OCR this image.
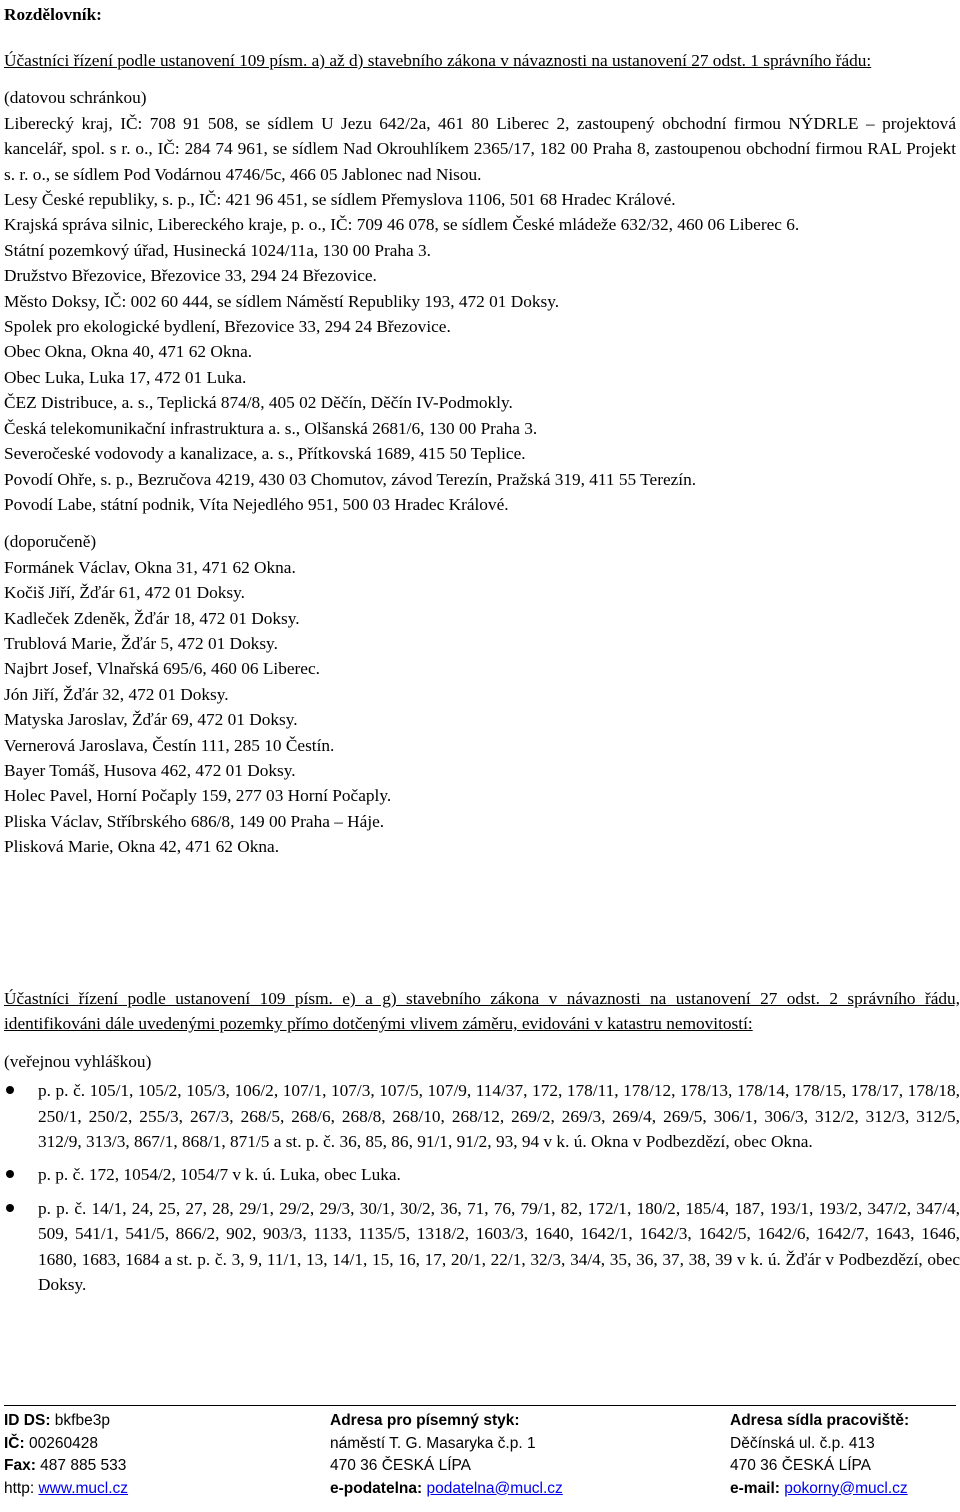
Rozdělovník:

Účastníci řízení podle ustanovení 109 písm. a) až d) stavebního zákona v návaznosti na ustanovení 27 odst. 1 správního řádu:

(datovou schránkou)

Liberecký kraj, IČ: 708 91 508, se sídlem U Jezu 642/2a, 461 80 Liberec 2, zastoupený obchodní firmou NÝDRLE – projektová kancelář, spol. s r. o., IČ: 284 74 961, se sídlem Nad Okrouhlíkem 2365/17, 182 00 Praha 8, zastoupenou obchodní firmou RAL Projekt s. r. o., se sídlem Pod Vodárnou 4746/5c, 466 05 Jablonec nad Nisou.

Lesy České republiky, s. p., IČ: 421 96 451, se sídlem Přemyslova 1106, 501 68 Hradec Králové.

Krajská správa silnic, Libereckého kraje, p. o., IČ: 709 46 078, se sídlem České mládeže 632/32, 460 06 Liberec 6.

Státní pozemkový úřad, Husinecká 1024/11a, 130 00 Praha 3.

Družstvo Březovice, Březovice 33, 294 24 Březovice.

Město Doksy, IČ: 002 60 444, se sídlem Náměstí Republiky 193, 472 01 Doksy.

Spolek pro ekologické bydlení, Březovice 33, 294 24 Březovice.

Obec Okna, Okna 40, 471 62 Okna.

Obec Luka, Luka 17, 472 01 Luka.

ČEZ Distribuce, a. s., Teplická 874/8, 405 02 Děčín, Děčín IV-Podmokly.

Česká telekomunikační infrastruktura a. s., Olšanská 2681/6, 130 00 Praha 3.

Severočeské vodovody a kanalizace, a. s., Přítkovská 1689, 415 50 Teplice.

Povodí Ohře, s. p., Bezručova 4219, 430 03 Chomutov, závod Terezín, Pražská 319, 411 55 Terezín.

Povodí Labe, státní podnik, Víta Nejedlého 951, 500 03 Hradec Králové.

(doporučeně)

Formánek Václav, Okna 31, 471 62 Okna.

Kočiš Jiří, Žďár 61, 472 01 Doksy.

Kadleček Zdeněk, Žďár 18, 472 01 Doksy.

Trublová Marie, Žďár 5, 472 01 Doksy.

Najbrt Josef, Vlnařská 695/6, 460 06 Liberec.

Jón Jiří, Žďár 32, 472 01 Doksy.

Matyska Jaroslav, Žďár 69, 472 01 Doksy.

Vernerová Jaroslava, Čestín 111, 285 10 Čestín.

Bayer Tomáš, Husova 462, 472 01 Doksy.

Holec Pavel, Horní Počaply 159, 277 03 Horní Počaply.

Pliska Václav, Stříbrského 686/8, 149 00 Praha – Háje.

Plisková Marie, Okna 42, 471 62 Okna.

Účastníci řízení podle ustanovení 109 písm. e) a g) stavebního zákona v návaznosti na ustanovení 27 odst. 2 správního řádu, identifikováni dále uvedenými pozemky přímo dotčenými vlivem záměru, evidováni v katastru nemovitostí:

(veřejnou vyhláškou)

p. p. č. 105/1, 105/2, 105/3, 106/2, 107/1, 107/3, 107/5, 107/9, 114/37, 172, 178/11, 178/12, 178/13, 178/14, 178/15, 178/17, 178/18, 250/1, 250/2, 255/3, 267/3, 268/5, 268/6, 268/8, 268/10, 268/12, 269/2, 269/3, 269/4, 269/5, 306/1, 306/3, 312/2, 312/3, 312/5, 312/9, 313/3, 867/1, 868/1, 871/5 a st. p. č. 36, 85, 86, 91/1, 91/2, 93, 94 v k. ú. Okna v Podbezdězí, obec Okna.
p. p. č. 172, 1054/2, 1054/7 v k. ú. Luka, obec Luka.
p. p. č. 14/1, 24, 25, 27, 28, 29/1, 29/2, 29/3, 30/1, 30/2, 36, 71, 76, 79/1, 82, 172/1, 180/2, 185/4, 187, 193/1, 193/2, 347/2, 347/4, 509, 541/1, 541/5, 866/2, 902, 903/3, 1133, 1135/5, 1318/2, 1603/3, 1640, 1642/1, 1642/3, 1642/5, 1642/6, 1642/7, 1643, 1646, 1680, 1683, 1684 a st. p. č. 3, 9, 11/1, 13, 14/1, 15, 16, 17, 20/1, 22/1, 32/3, 34/4, 35, 36, 37, 38, 39 v k. ú. Žďár v Podbezdězí, obec Doksy.
ID DS: bkfbe3p
IČ: 00260428
Fax: 487 885 533
http: www.mucl.cz
Adresa pro písemný styk:
náměstí T. G. Masaryka č.p. 1
470 36 ČESKÁ LÍPA
e-podatelna: podatelna@mucl.cz
Adresa sídla pracoviště:
Děčínská ul. č.p. 413
470 36 ČESKÁ LÍPA
e-mail: pokorny@mucl.cz
